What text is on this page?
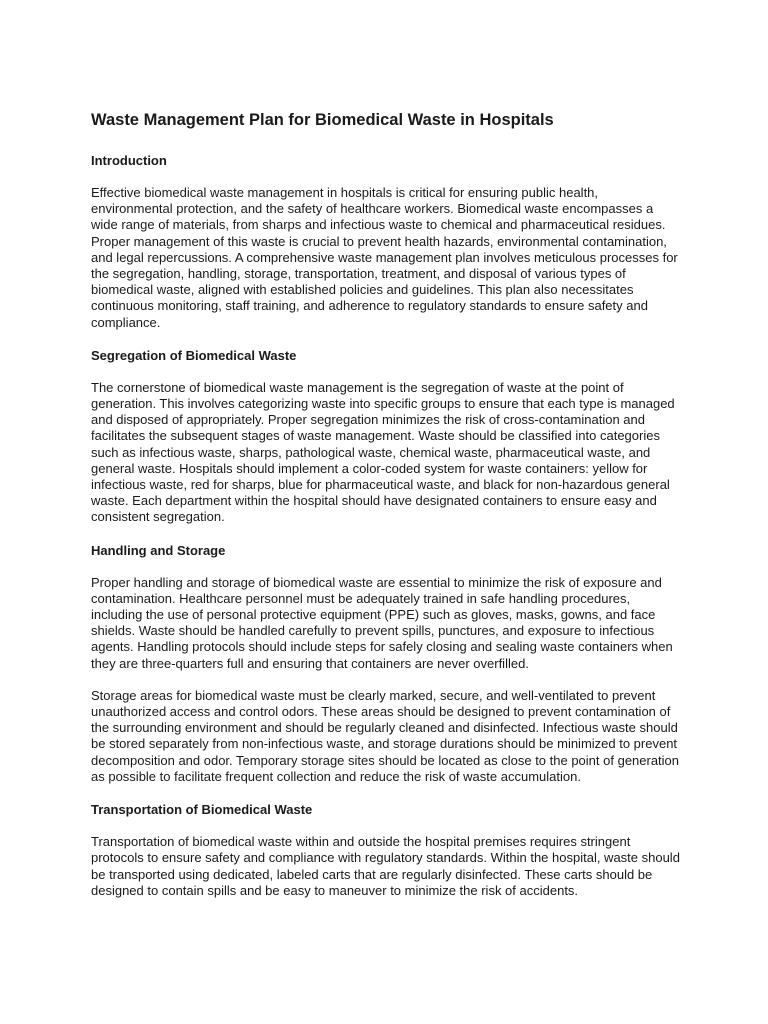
Waste Management Plan for Biomedical Waste in Hospitals
Introduction

Effective biomedical waste management in hospitals is critical for ensuring public health, environmental protection, and the safety of healthcare workers. Biomedical waste encompasses a wide range of materials, from sharps and infectious waste to chemical and pharmaceutical residues. Proper management of this waste is crucial to prevent health hazards, environmental contamination, and legal repercussions. A comprehensive waste management plan involves meticulous processes for the segregation, handling, storage, transportation, treatment, and disposal of various types of biomedical waste, aligned with established policies and guidelines. This plan also necessitates continuous monitoring, staff training, and adherence to regulatory standards to ensure safety and compliance.

Segregation of Biomedical Waste

The cornerstone of biomedical waste management is the segregation of waste at the point of generation. This involves categorizing waste into specific groups to ensure that each type is managed and disposed of appropriately. Proper segregation minimizes the risk of cross-contamination and facilitates the subsequent stages of waste management. Waste should be classified into categories such as infectious waste, sharps, pathological waste, chemical waste, pharmaceutical waste, and general waste. Hospitals should implement a color-coded system for waste containers: yellow for infectious waste, red for sharps, blue for pharmaceutical waste, and black for non-hazardous general waste. Each department within the hospital should have designated containers to ensure easy and consistent segregation.

Handling and Storage

Proper handling and storage of biomedical waste are essential to minimize the risk of exposure and contamination. Healthcare personnel must be adequately trained in safe handling procedures, including the use of personal protective equipment (PPE) such as gloves, masks, gowns, and face shields. Waste should be handled carefully to prevent spills, punctures, and exposure to infectious agents. Handling protocols should include steps for safely closing and sealing waste containers when they are three-quarters full and ensuring that containers are never overfilled.

Storage areas for biomedical waste must be clearly marked, secure, and well-ventilated to prevent unauthorized access and control odors. These areas should be designed to prevent contamination of the surrounding environment and should be regularly cleaned and disinfected. Infectious waste should be stored separately from non-infectious waste, and storage durations should be minimized to prevent decomposition and odor. Temporary storage sites should be located as close to the point of generation as possible to facilitate frequent collection and reduce the risk of waste accumulation.

Transportation of Biomedical Waste

Transportation of biomedical waste within and outside the hospital premises requires stringent protocols to ensure safety and compliance with regulatory standards. Within the hospital, waste should be transported using dedicated, labeled carts that are regularly disinfected. These carts should be designed to contain spills and be easy to maneuver to minimize the risk of accidents.
